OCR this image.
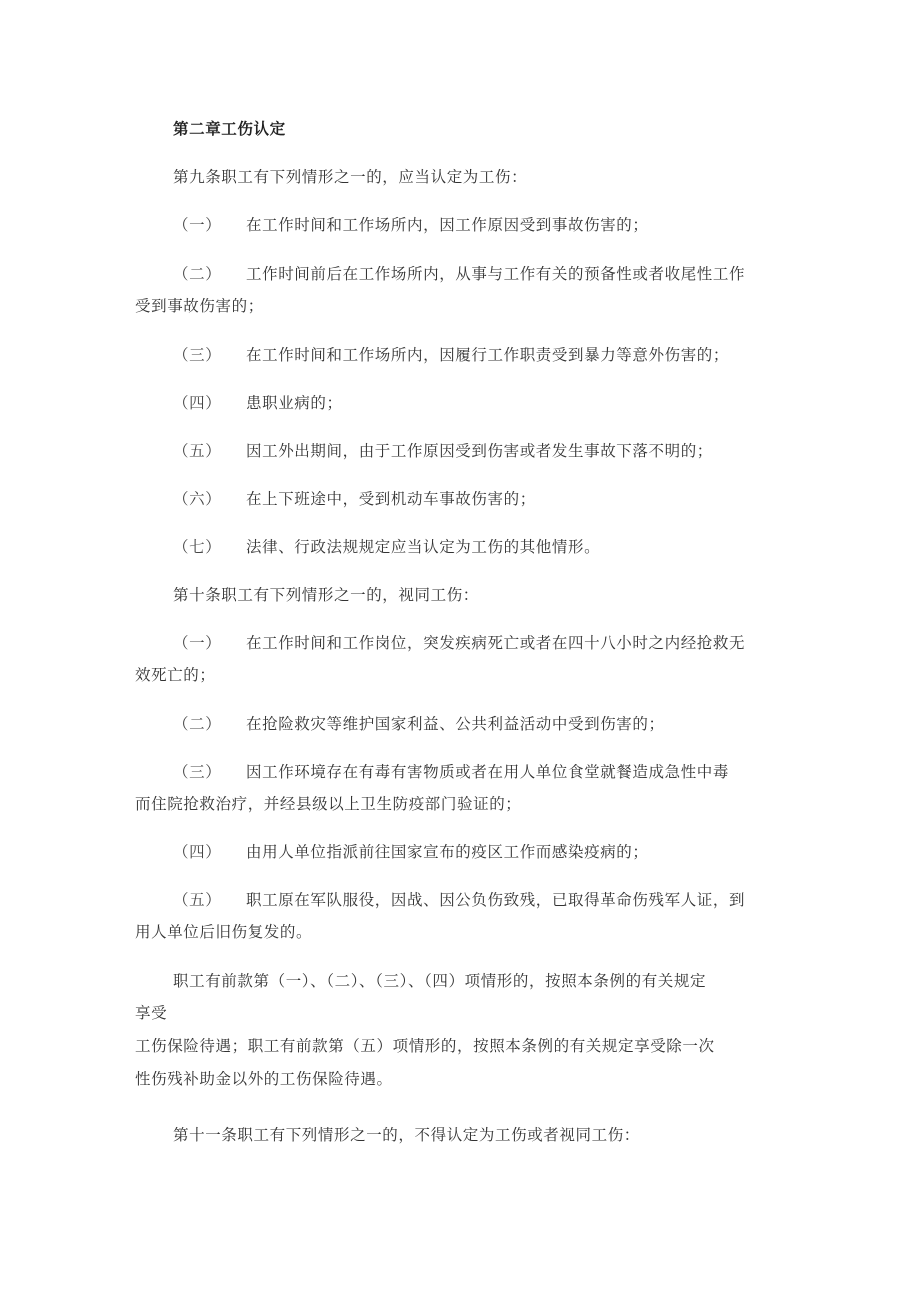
第二章工伤认定
第九条职工有下列情形之一的，应当认定为工伤：
（一） 在工作时间和工作场所内，因工作原因受到事故伤害的；
（二） 工作时间前后在工作场所内，从事与工作有关的预备性或者收尾性工作
受到事故伤害的；
（三） 在工作时间和工作场所内，因履行工作职责受到暴力等意外伤害的；
（四） 患职业病的；
（五） 因工外出期间，由于工作原因受到伤害或者发生事故下落不明的；
（六） 在上下班途中，受到机动车事故伤害的；
（七） 法律、行政法规规定应当认定为工伤的其他情形。
第十条职工有下列情形之一的，视同工伤：
（一） 在工作时间和工作岗位，突发疾病死亡或者在四十八小时之内经抢救无
效死亡的；
（二） 在抢险救灾等维护国家利益、公共利益活动中受到伤害的；
（三） 因工作环境存在有毒有害物质或者在用人单位食堂就餐造成急性中毒
而住院抢救治疗，并经县级以上卫生防疫部门验证的；
（四） 由用人单位指派前往国家宣布的疫区工作而感染疫病的；
（五） 职工原在军队服役，因战、因公负伤致残，已取得革命伤残军人证，到
用人单位后旧伤复发的。
职工有前款第（一）、（二）、（三）、（四）项情形的，按照本条例的有关规定
享受
工伤保险待遇；职工有前款第（五）项情形的，按照本条例的有关规定享受除一次
性伤残补助金以外的工伤保险待遇。
第十一条职工有下列情形之一的，不得认定为工伤或者视同工伤：
